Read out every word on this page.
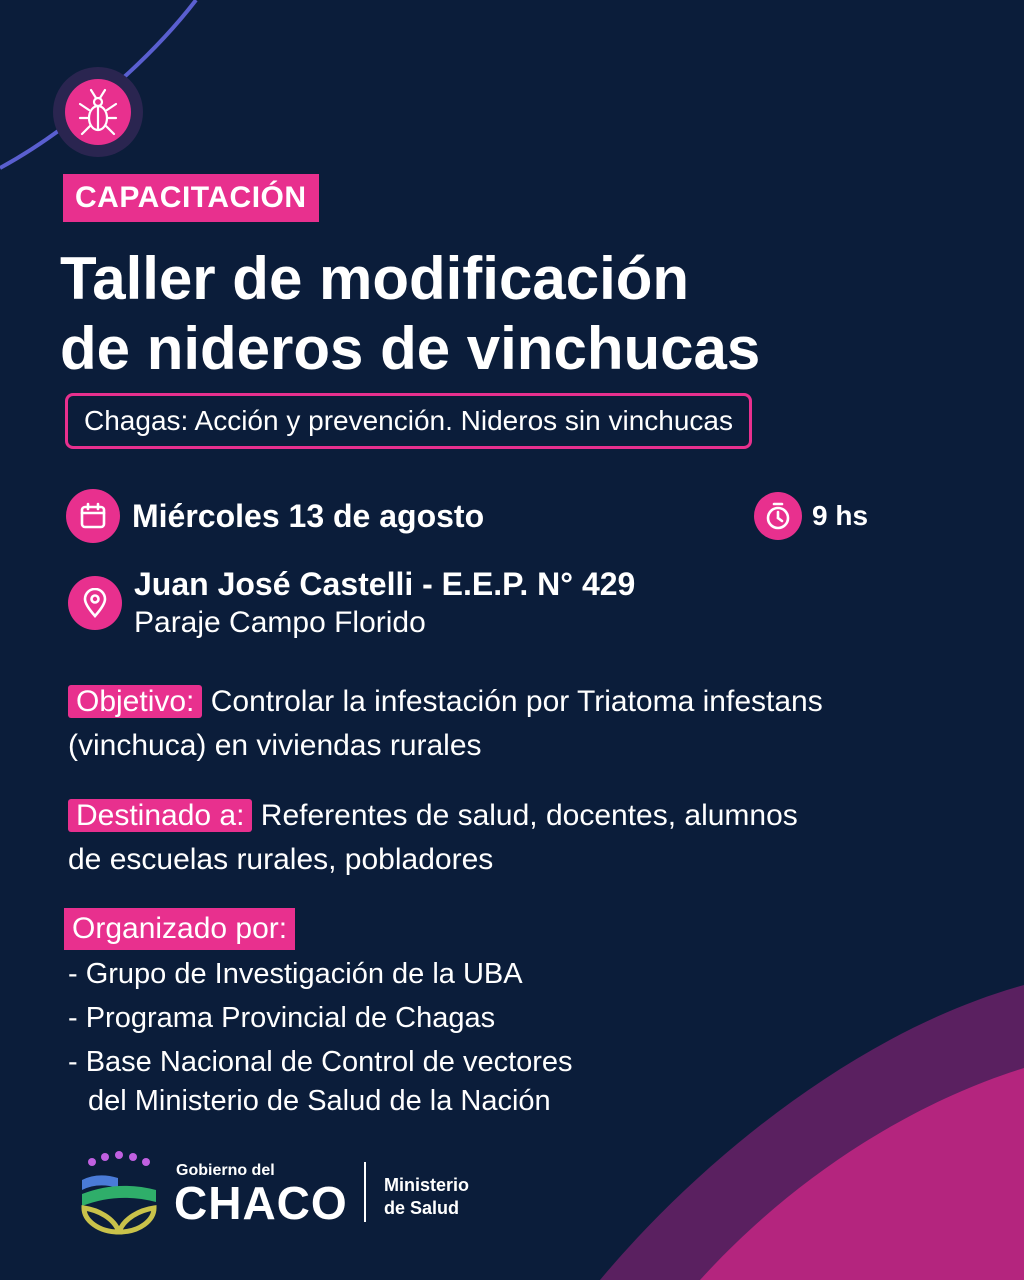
CAPACITACIÓN
Taller de modificación
de nideros de vinchucas
Chagas: Acción y prevención. Nideros sin vinchucas
Miércoles 13 de agosto	9 hs
Juan José Castelli - E.E.P. N° 429
Paraje Campo Florido
Objetivo: Controlar la infestación por Triatoma infestans (vinchuca) en viviendas rurales
Destinado a: Referentes de salud, docentes, alumnos de escuelas rurales, pobladores
Organizado por:
- Grupo de Investigación de la UBA
- Programa Provincial de Chagas
- Base Nacional de Control de vectores
del Ministerio de Salud de la Nación
Gobierno del
CHACO Ministerio
de Salud
